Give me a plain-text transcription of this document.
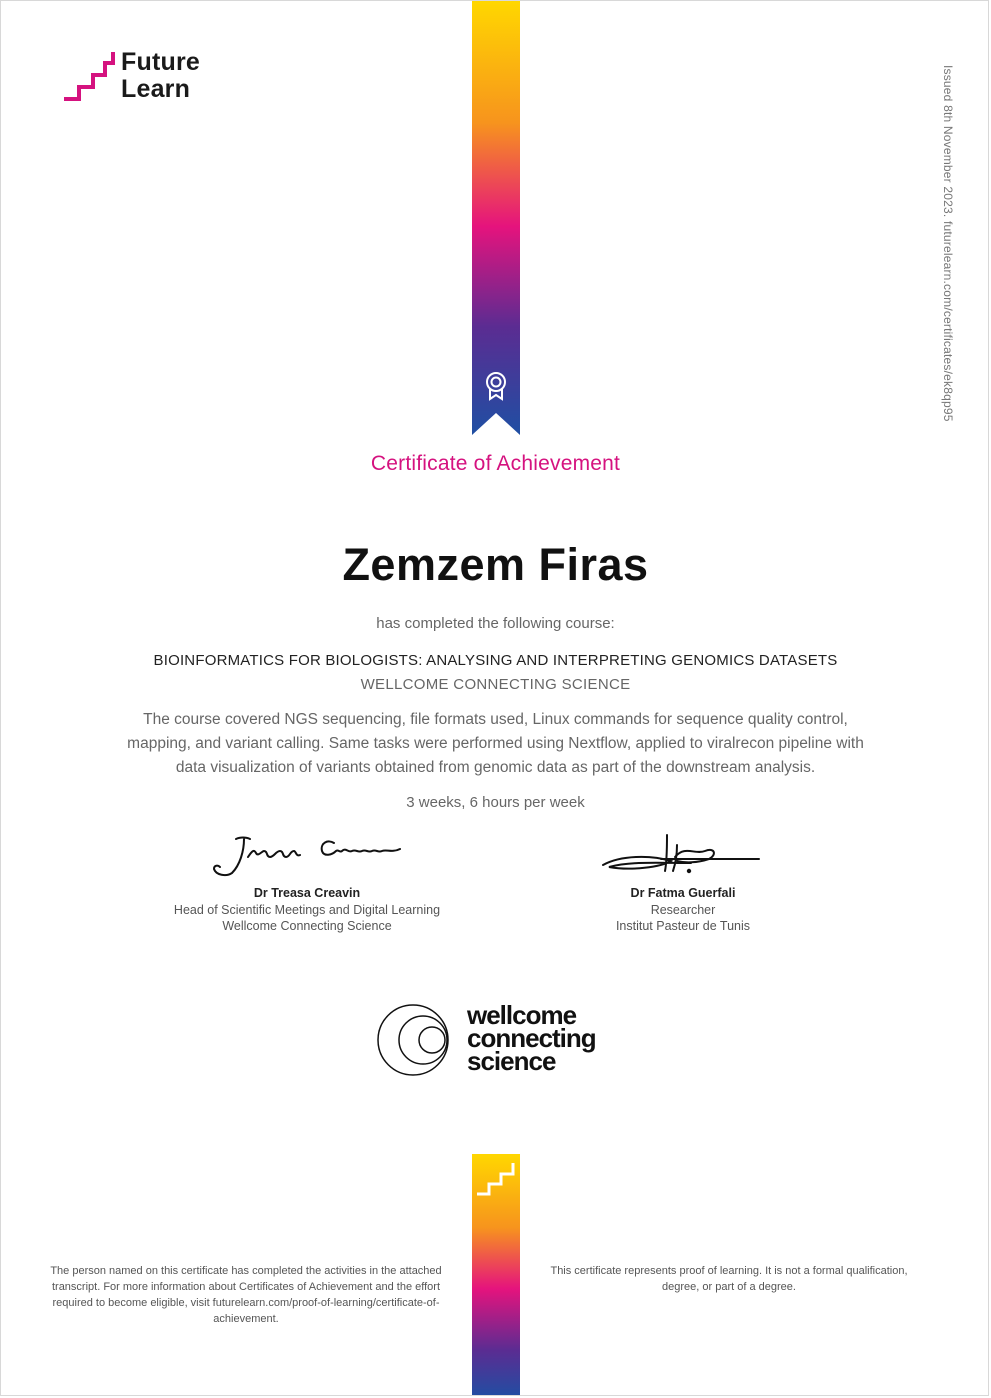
Future
Learn	Issued 8th November 2023. futurelearn.com/certificates/ek8qp95
Certificate of Achievement
Zemzem Firas
has completed the following course:
BIOINFORMATICS FOR BIOLOGISTS: ANALYSING AND INTERPRETING GENOMICS DATASETS
WELLCOME CONNECTING SCIENCE
The course covered NGS sequencing, file formats used, Linux commands for sequence quality control, mapping, and variant calling. Same tasks were performed using Nextflow, applied to viralrecon pipeline with data visualization of variants obtained from genomic data as part of the downstream analysis.
3 weeks, 6 hours per week
Dr Treasa Creavin
Head of Scientific Meetings and Digital Learning
Wellcome Connecting Science
Dr Fatma Guerfali
Researcher
Institut Pasteur de Tunis
wellcome
connecting
science
The person named on this certificate has completed the activities in the attached transcript. For more information about Certificates of Achievement and the effort required to become eligible, visit futurelearn.com/proof-of-learning/certificate-of-achievement.
This certificate represents proof of learning. It is not a formal qualification, degree, or part of a degree.
